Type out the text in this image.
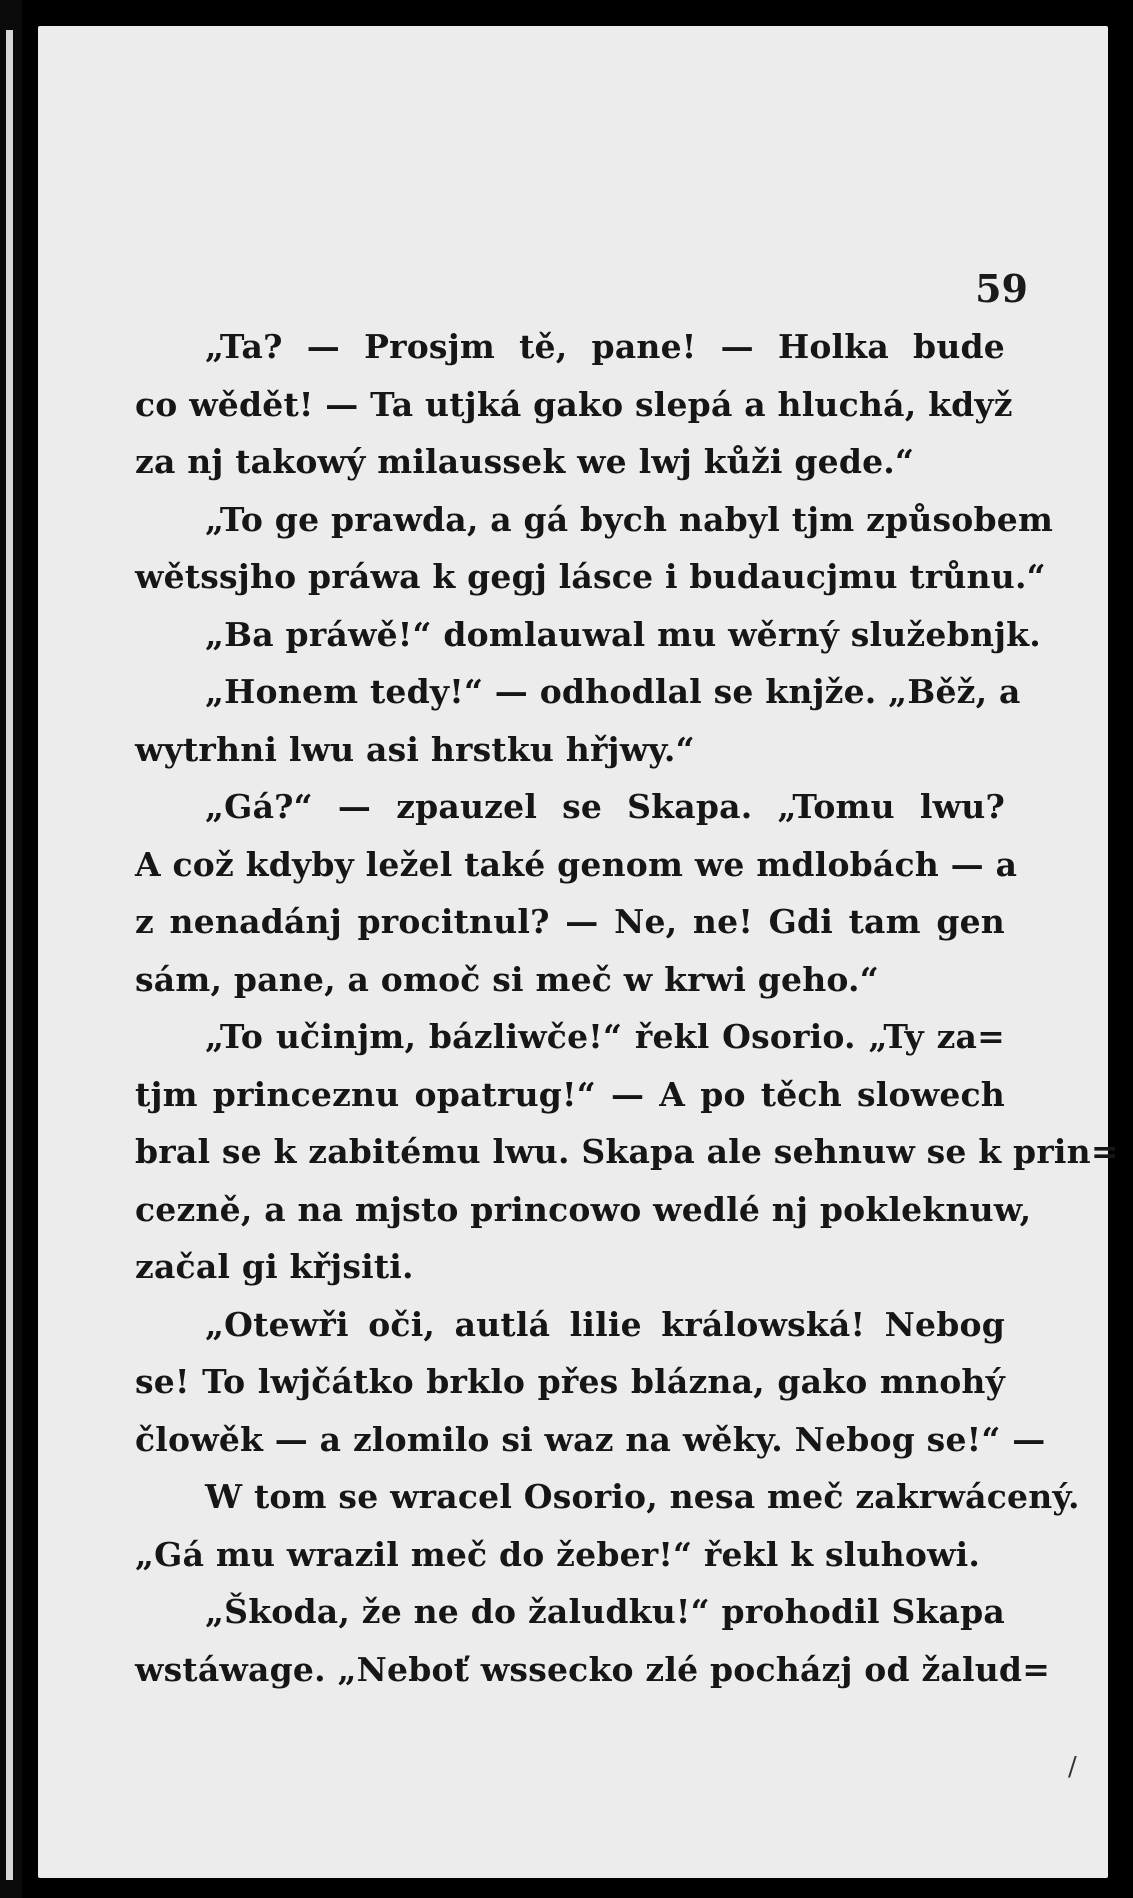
59
„Ta? — Prosjm tě, pane! — Holka bude
co wědět! — Ta utjká gako slepá a hluchá, když
za nj takowý milaussek we lwj kůži gede.“
„To ge prawda, a gá bych nabyl tjm způsobem
wětssjho práwa k gegj lásce i budaucjmu trůnu.“
„Ba práwě!“ domlauwal mu wěrný služebnjk.
„Honem tedy!“ — odhodlal se knjže. „Běž, a
wytrhni lwu asi hrstku hřjwy.“
„Gá?“ — zpauzel se Skapa. „Tomu lwu?
A což kdyby ležel také genom we mdlobách — a
z nenadánj procitnul? — Ne, ne! Gdi tam gen
sám, pane, a omoč si meč w krwi geho.“
„To učinjm, bázliwče!“ řekl Osorio. „Ty za=
tjm princeznu opatrug!“ — A po těch slowech
bral se k zabitému lwu. Skapa ale sehnuw se k prin=
cezně, a na mjsto princowo wedlé nj pokleknuw,
začal gi křjsiti.
„Otewři oči, autlá lilie králowská! Nebog
se! To lwjčátko brklo přes blázna, gako mnohý
člowěk — a zlomilo si waz na wěky. Nebog se!“ —
W tom se wracel Osorio, nesa meč zakrwácený.
„Gá mu wrazil meč do žeber!“ řekl k sluhowi.
„Škoda, že ne do žaludku!“ prohodil Skapa
wstáwage. „Neboť wssecko zlé pocházj od žalud=
/
